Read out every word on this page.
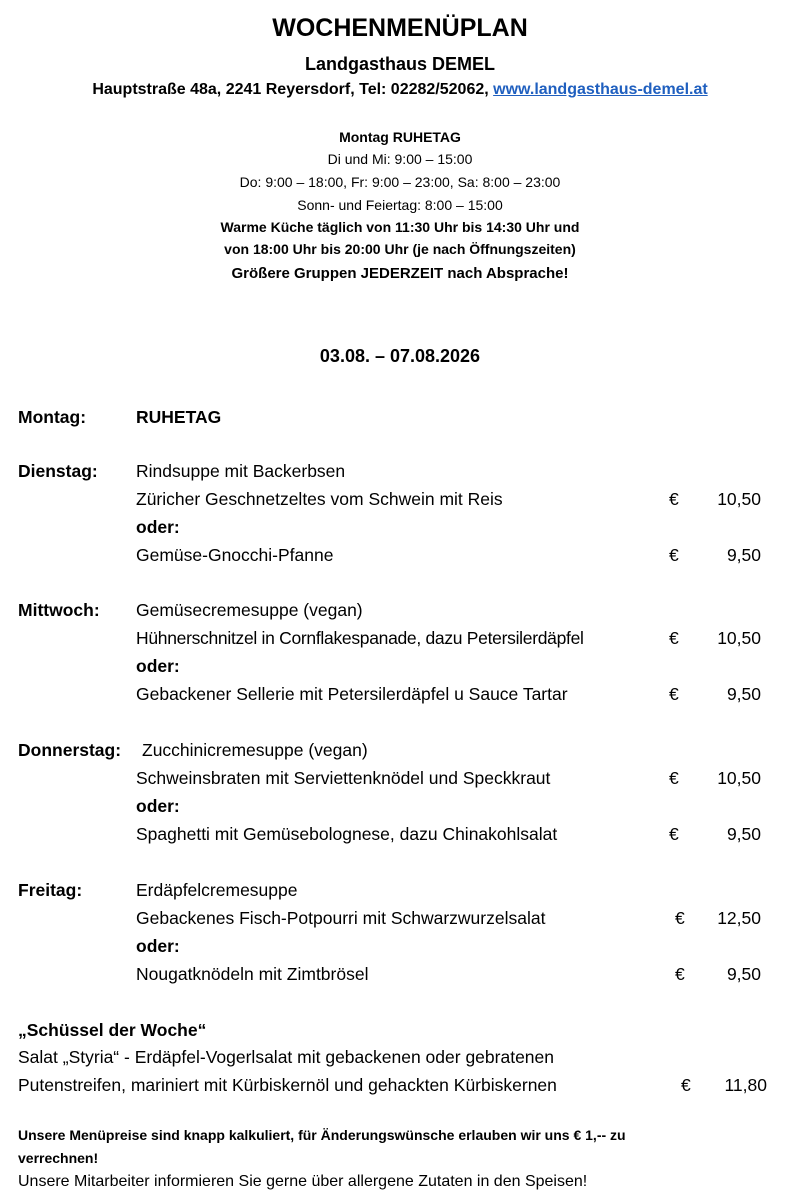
WOCHENMENÜPLAN
Landgasthaus DEMEL
Hauptstraße 48a, 2241 Reyersdorf, Tel: 02282/52062, www.landgasthaus-demel.at
Montag RUHETAG
Di und Mi: 9:00 – 15:00
Do: 9:00 – 18:00, Fr: 9:00 – 23:00, Sa: 8:00 – 23:00
Sonn- und Feiertag: 8:00 – 15:00
Warme Küche täglich von 11:30 Uhr bis 14:30 Uhr und
von 18:00 Uhr bis 20:00 Uhr (je nach Öffnungszeiten)
Größere Gruppen JEDERZEIT nach Absprache!
03.08. – 07.08.2026
Montag:	RUHETAG
Dienstag: Rindsuppe mit Backerbsen
Züricher Geschnetzeltes vom Schwein mit Reis	€	10,50
oder:
Gemüse-Gnocchi-Pfanne	€	9,50
Mittwoch: Gemüsecremesuppe (vegan)
Hühnerschnitzel in Cornflakespanade, dazu Petersilerdäpfel	€	10,50
oder:
Gebackener Sellerie mit Petersilerdäpfel u Sauce Tartar	€	9,50
Donnerstag: Zucchinicremesuppe (vegan)
Schweinsbraten mit Serviettenknödel und Speckkraut	€	10,50
oder:
Spaghetti mit Gemüsebolognese, dazu Chinakohlsalat	€	9,50
Freitag:	Erdäpfelcremesuppe
Gebackenes Fisch-Potpourri mit Schwarzwurzelsalat	€	12,50
oder:
Nougatknödeln mit Zimtbrösel	€	9,50
„Schüssel der Woche“
Salat „Styria“ - Erdäpfel-Vogerlsalat mit gebackenen oder gebratenen
Putenstreifen, mariniert mit Kürbiskernöl und gehackten Kürbiskernen	€	11,80
Unsere Menüpreise sind knapp kalkuliert, für Änderungswünsche erlauben wir uns € 1,-- zu
verrechnen!
Unsere Mitarbeiter informieren Sie gerne über allergene Zutaten in den Speisen!
